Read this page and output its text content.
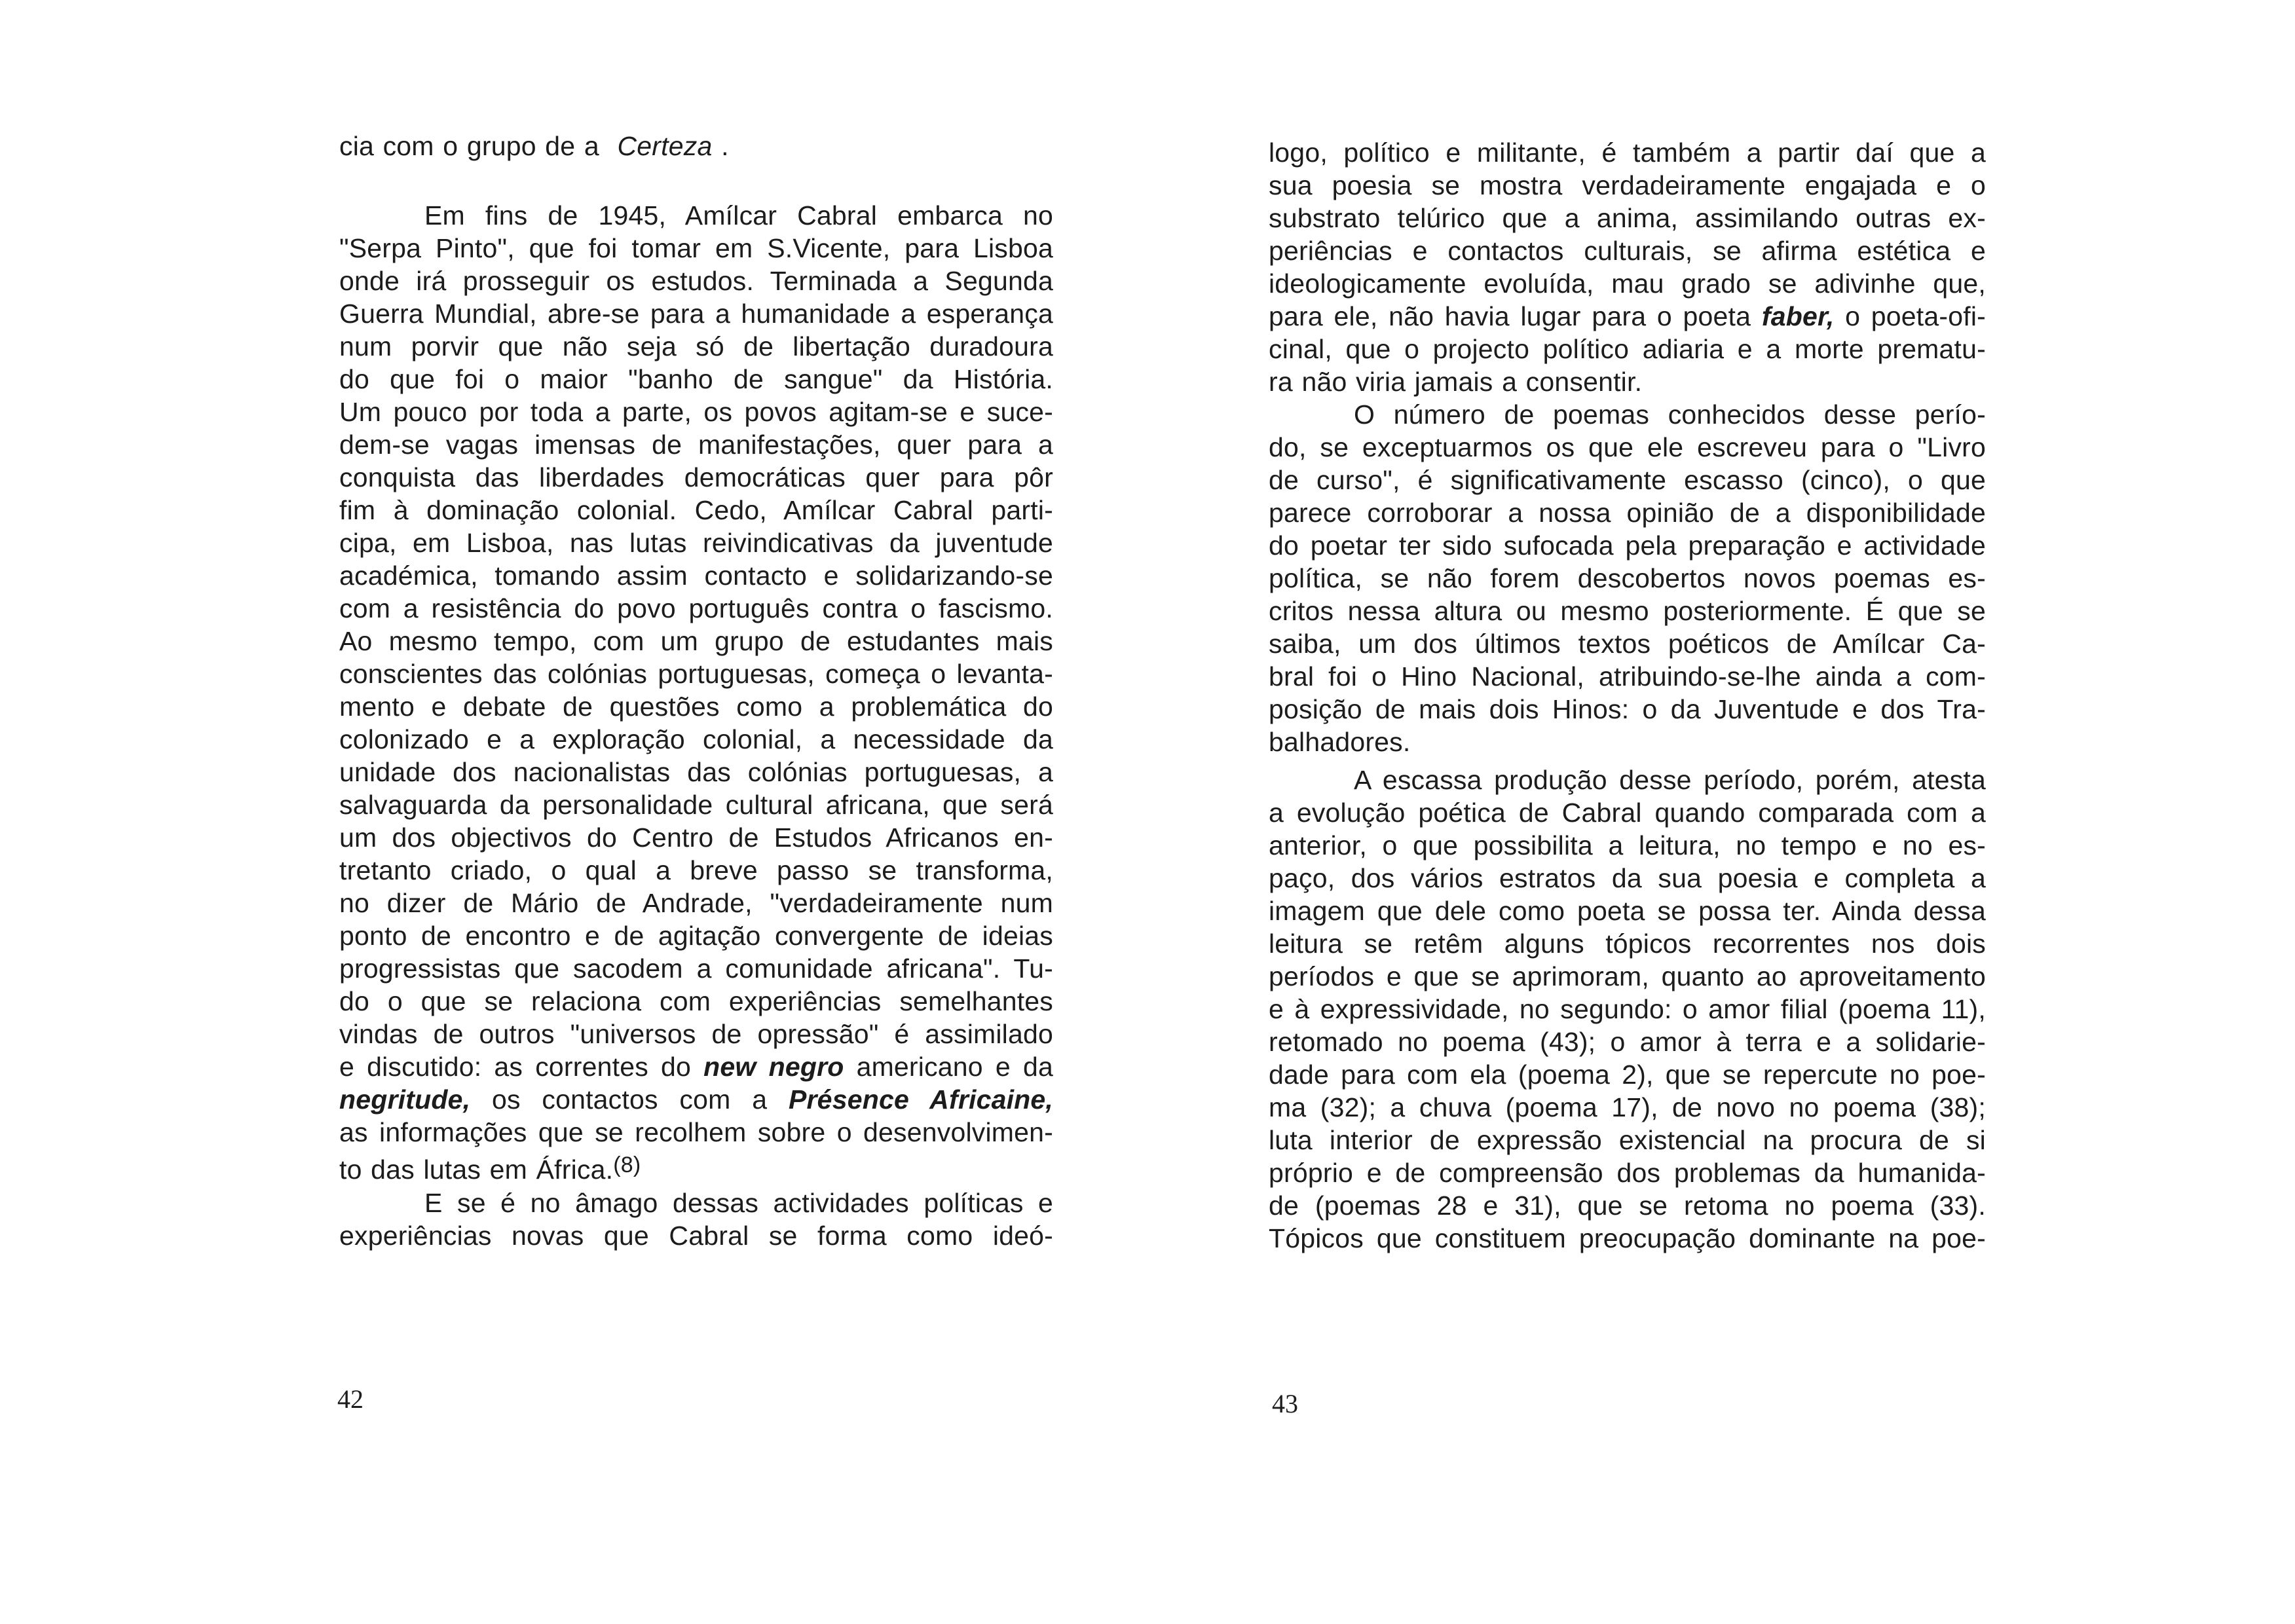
cia com o grupo de a Certeza .
Em fins de 1945, Amílcar Cabral embarca no
"Serpa Pinto", que foi tomar em S.Vicente, para Lisboa
onde irá prosseguir os estudos. Terminada a Segunda
Guerra Mundial, abre-se para a humanidade a esperança
num porvir que não seja só de libertação duradoura
do que foi o maior "banho de sangue" da História.
Um pouco por toda a parte, os povos agitam-se e suce-
dem-se vagas imensas de manifestações, quer para a
conquista das liberdades democráticas quer para pôr
fim à dominação colonial. Cedo, Amílcar Cabral parti-
cipa, em Lisboa, nas lutas reivindicativas da juventude
académica, tomando assim contacto e solidarizando-se
com a resistência do povo português contra o fascismo.
Ao mesmo tempo, com um grupo de estudantes mais
conscientes das colónias portuguesas, começa o levanta-
mento e debate de questões como a problemática do
colonizado e a exploração colonial, a necessidade da
unidade dos nacionalistas das colónias portuguesas, a
salvaguarda da personalidade cultural africana, que será
um dos objectivos do Centro de Estudos Africanos en-
tretanto criado, o qual a breve passo se transforma,
no dizer de Mário de Andrade, "verdadeiramente num
ponto de encontro e de agitação convergente de ideias
progressistas que sacodem a comunidade africana". Tu-
do o que se relaciona com experiências semelhantes
vindas de outros "universos de opressão" é assimilado
e discutido: as correntes do new negro americano e da
negritude, os contactos com a Présence Africaine,
as informações que se recolhem sobre o desenvolvimen-
to das lutas em África.$^{(8)}$
E se é no âmago dessas actividades políticas e
experiências novas que Cabral se forma como ideó-
42
logo, político e militante, é também a partir daí que a
sua poesia se mostra verdadeiramente engajada e o
substrato telúrico que a anima, assimilando outras ex-
periências e contactos culturais, se afirma estética e
ideologicamente evoluída, mau grado se adivinhe que,
para ele, não havia lugar para o poeta faber, o poeta-ofi-
cinal, que o projecto político adiaria e a morte prematu-
ra não viria jamais a consentir.
O número de poemas conhecidos desse perío-
do, se exceptuarmos os que ele escreveu para o "Livro
de curso", é significativamente escasso (cinco), o que
parece corroborar a nossa opinião de a disponibilidade
do poetar ter sido sufocada pela preparação e actividade
política, se não forem descobertos novos poemas es-
critos nessa altura ou mesmo posteriormente. É que se
saiba, um dos últimos textos poéticos de Amílcar Ca-
bral foi o Hino Nacional, atribuindo-se-lhe ainda a com-
posição de mais dois Hinos: o da Juventude e dos Tra-
balhadores.
A escassa produção desse período, porém, atesta
a evolução poética de Cabral quando comparada com a
anterior, o que possibilita a leitura, no tempo e no es-
paço, dos vários estratos da sua poesia e completa a
imagem que dele como poeta se possa ter. Ainda dessa
leitura se retêm alguns tópicos recorrentes nos dois
períodos e que se aprimoram, quanto ao aproveitamento
e à expressividade, no segundo: o amor filial (poema 11),
retomado no poema (43); o amor à terra e a solidarie-
dade para com ela (poema 2), que se repercute no poe-
ma (32); a chuva (poema 17), de novo no poema (38);
luta interior de expressão existencial na procura de si
próprio e de compreensão dos problemas da humanida-
de (poemas 28 e 31), que se retoma no poema (33).
Tópicos que constituem preocupação dominante na poe-
43
